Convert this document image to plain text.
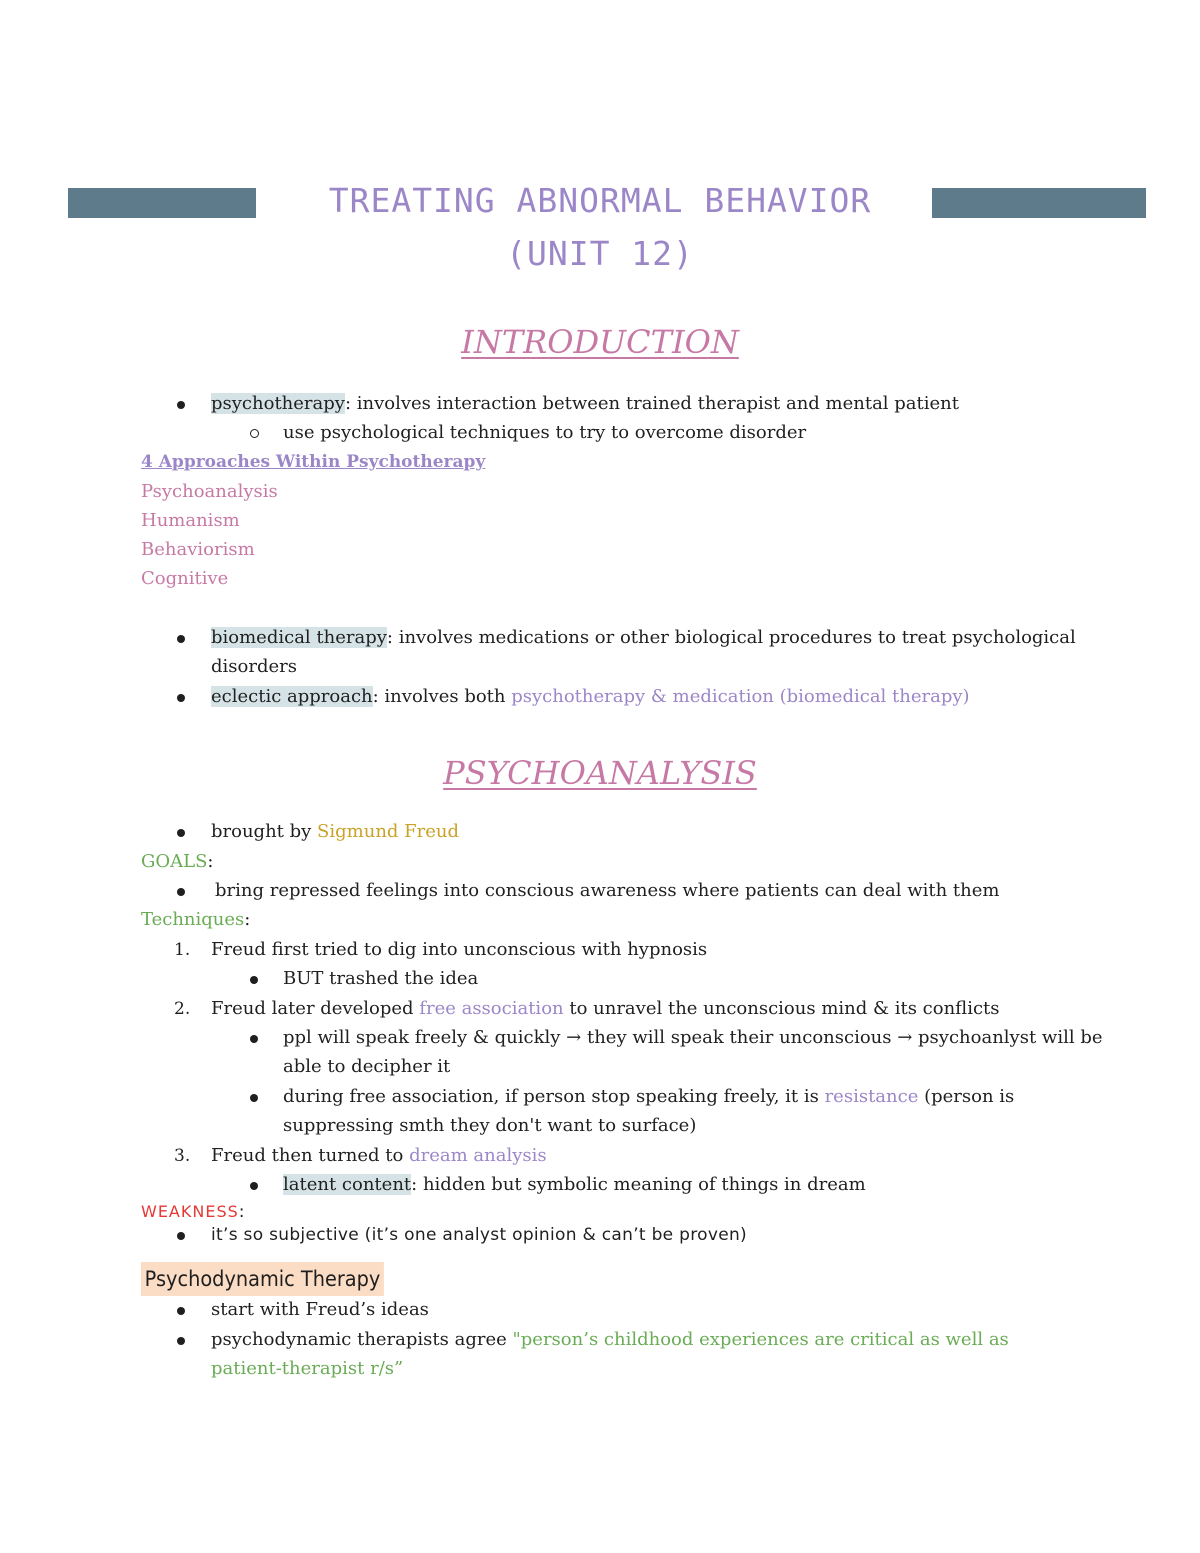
TREATING ABNORMAL BEHAVIOR
(UNIT 12)
INTRODUCTION
psychotherapy: involves interaction between trained therapist and mental patient
use psychological techniques to try to overcome disorder
4 Approaches Within Psychotherapy
Psychoanalysis
Humanism
Behaviorism
Cognitive
biomedical therapy: involves medications or other biological procedures to treat psychological
disorders
eclectic approach: involves both psychotherapy & medication (biomedical therapy)
PSYCHOANALYSIS
brought by Sigmund Freud
GOALS:
bring repressed feelings into conscious awareness where patients can deal with them
Techniques:
1. Freud first tried to dig into unconscious with hypnosis
BUT trashed the idea
2. Freud later developed free association to unravel the unconscious mind & its conflicts
ppl will speak freely & quickly → they will speak their unconscious → psychoanlyst will be
able to decipher it
during free association, if person stop speaking freely, it is resistance (person is
suppressing smth they don't want to surface)
3. Freud then turned to dream analysis
latent content: hidden but symbolic meaning of things in dream
WEAKNESS:
it’s so subjective (it’s one analyst opinion & can’t be proven)
Psychodynamic Therapy
start with Freud’s ideas
psychodynamic therapists agree "person’s childhood experiences are critical as well as
patient-therapist r/s”
